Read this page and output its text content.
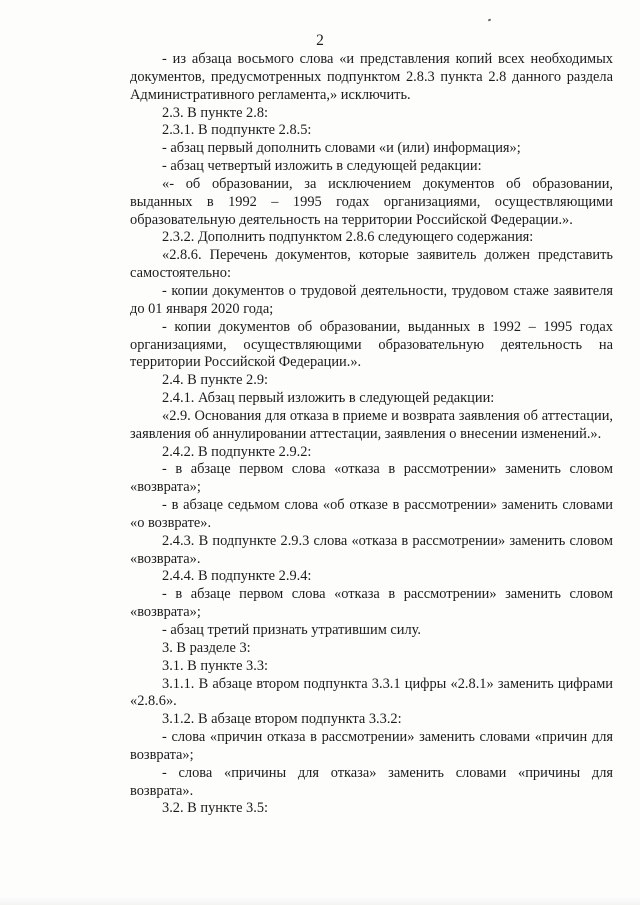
2

- из абзаца восьмого слова «и представления копий всех необходимых документов, предусмотренных подпунктом 2.8.3 пункта 2.8 данного раздела Административного регламента,» исключить.

2.3. В пункте 2.8:

2.3.1. В подпункте 2.8.5:

- абзац первый дополнить словами «и (или) информация»;

- абзац четвертый изложить в следующей редакции:

«- об образовании, за исключением документов об образовании, выданных в 1992 – 1995 годах организациями, осуществляющими образовательную деятельность на территории Российской Федерации.».

2.3.2. Дополнить подпунктом 2.8.6 следующего содержания:

«2.8.6. Перечень документов, которые заявитель должен представить самостоятельно:

- копии документов о трудовой деятельности, трудовом стаже заявителя до 01 января 2020 года;

- копии документов об образовании, выданных в 1992 – 1995 годах организациями, осуществляющими образовательную деятельность на территории Российской Федерации.».

2.4. В пункте 2.9:

2.4.1. Абзац первый изложить в следующей редакции:

«2.9. Основания для отказа в приеме и возврата заявления об аттестации, заявления об аннулировании аттестации, заявления о внесении изменений.».

2.4.2. В подпункте 2.9.2:

- в абзаце первом слова «отказа в рассмотрении» заменить словом «возврата»;

- в абзаце седьмом слова «об отказе в рассмотрении» заменить словами «о возврате».

2.4.3. В подпункте 2.9.3 слова «отказа в рассмотрении» заменить словом «возврата».

2.4.4. В подпункте 2.9.4:

- в абзаце первом слова «отказа в рассмотрении» заменить словом «возврата»;

- абзац третий признать утратившим силу.

3. В разделе 3:

3.1. В пункте 3.3:

3.1.1. В абзаце втором подпункта 3.3.1 цифры «2.8.1» заменить цифрами «2.8.6».

3.1.2. В абзаце втором подпункта 3.3.2:

- слова «причин отказа в рассмотрении» заменить словами «причин для возврата»;

- слова «причины для отказа» заменить словами «причины для возврата».

3.2. В пункте 3.5:
